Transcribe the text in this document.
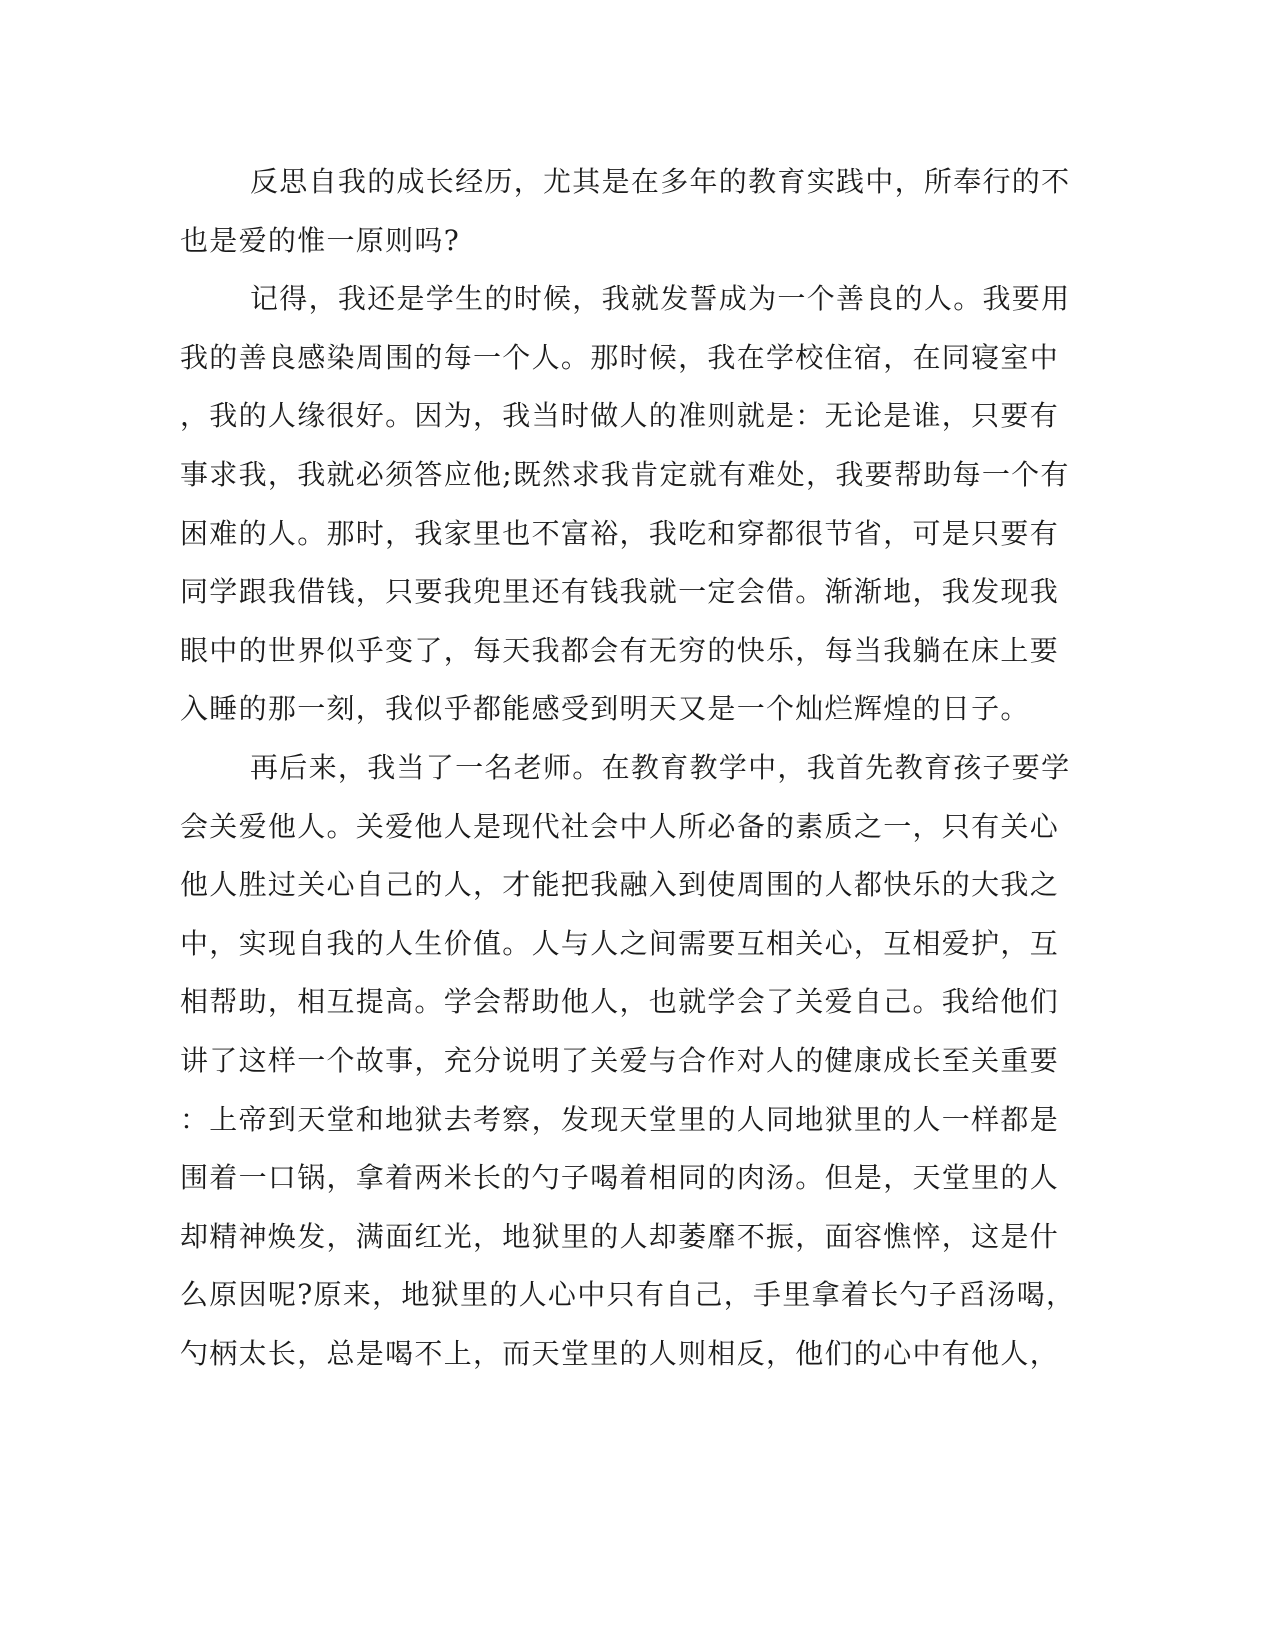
反思自我的成长经历，尤其是在多年的教育实践中，所奉行的不
也是爱的惟一原则吗?
记得，我还是学生的时候，我就发誓成为一个善良的人。我要用
我的善良感染周围的每一个人。那时候，我在学校住宿，在同寝室中
，我的人缘很好。因为，我当时做人的准则就是：无论是谁，只要有
事求我，我就必须答应他;既然求我肯定就有难处，我要帮助每一个有
困难的人。那时，我家里也不富裕，我吃和穿都很节省，可是只要有
同学跟我借钱，只要我兜里还有钱我就一定会借。渐渐地，我发现我
眼中的世界似乎变了，每天我都会有无穷的快乐，每当我躺在床上要
入睡的那一刻，我似乎都能感受到明天又是一个灿烂辉煌的日子。
再后来，我当了一名老师。在教育教学中，我首先教育孩子要学
会关爱他人。关爱他人是现代社会中人所必备的素质之一，只有关心
他人胜过关心自己的人，才能把我融入到使周围的人都快乐的大我之
中，实现自我的人生价值。人与人之间需要互相关心，互相爱护，互
相帮助，相互提高。学会帮助他人，也就学会了关爱自己。我给他们
讲了这样一个故事，充分说明了关爱与合作对人的健康成长至关重要
：上帝到天堂和地狱去考察，发现天堂里的人同地狱里的人一样都是
围着一口锅，拿着两米长的勺子喝着相同的肉汤。但是，天堂里的人
却精神焕发，满面红光，地狱里的人却萎靡不振，面容憔悴，这是什
么原因呢?原来，地狱里的人心中只有自己，手里拿着长勺子舀汤喝，
勺柄太长，总是喝不上，而天堂里的人则相反，他们的心中有他人，
